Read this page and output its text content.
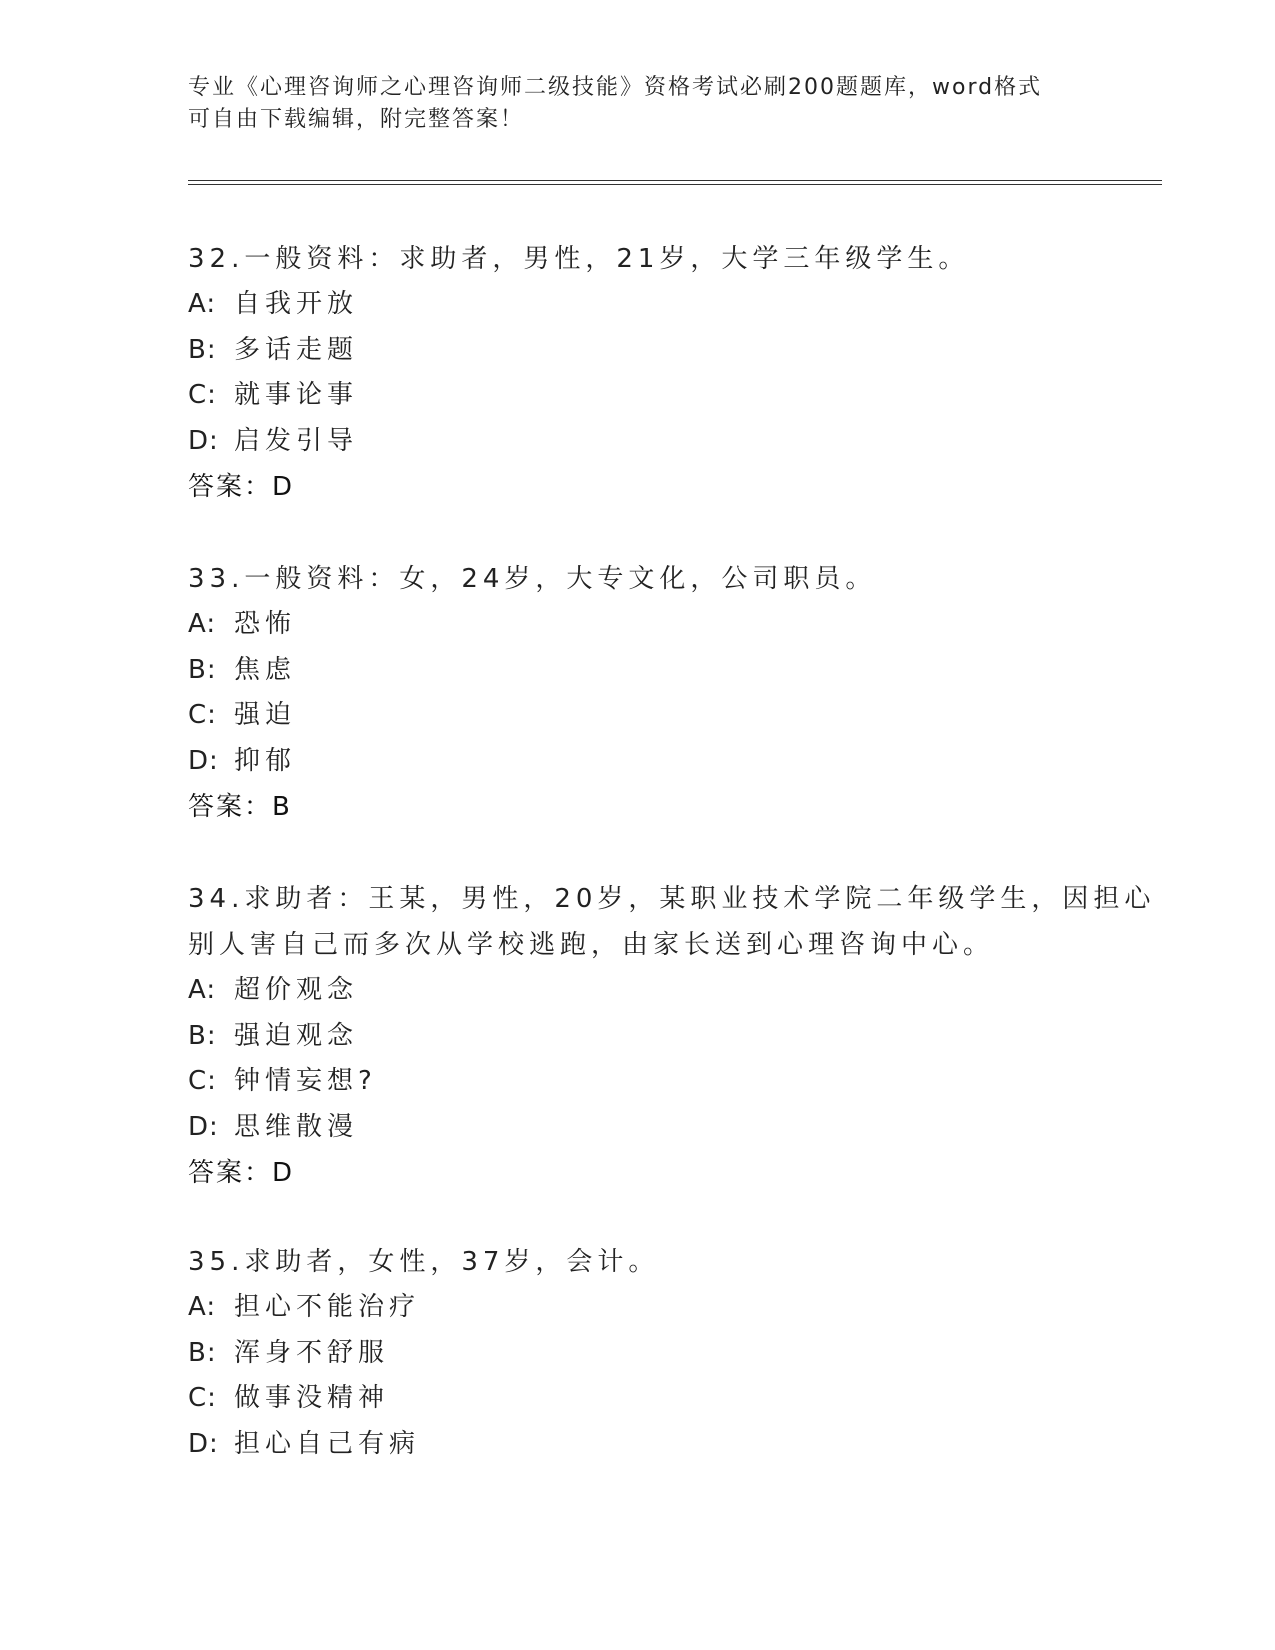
专业《心理咨询师之心理咨询师二级技能》资格考试必刷200题题库，word格式
可自由下载编辑，附完整答案！
32.一般资料：求助者，男性，21岁，大学三年级学生。
A: 自我开放
B: 多话走题
C: 就事论事
D: 启发引导
答案：D
33.一般资料：女，24岁，大专文化，公司职员。
A: 恐怖
B: 焦虑
C: 强迫
D: 抑郁
答案：B
34.求助者：王某，男性，20岁，某职业技术学院二年级学生，因担心
别人害自己而多次从学校逃跑，由家长送到心理咨询中心。
A: 超价观念
B: 强迫观念
C: 钟情妄想?
D: 思维散漫
答案：D
35.求助者，女性，37岁，会计。
A: 担心不能治疗
B: 浑身不舒服
C: 做事没精神
D: 担心自己有病
